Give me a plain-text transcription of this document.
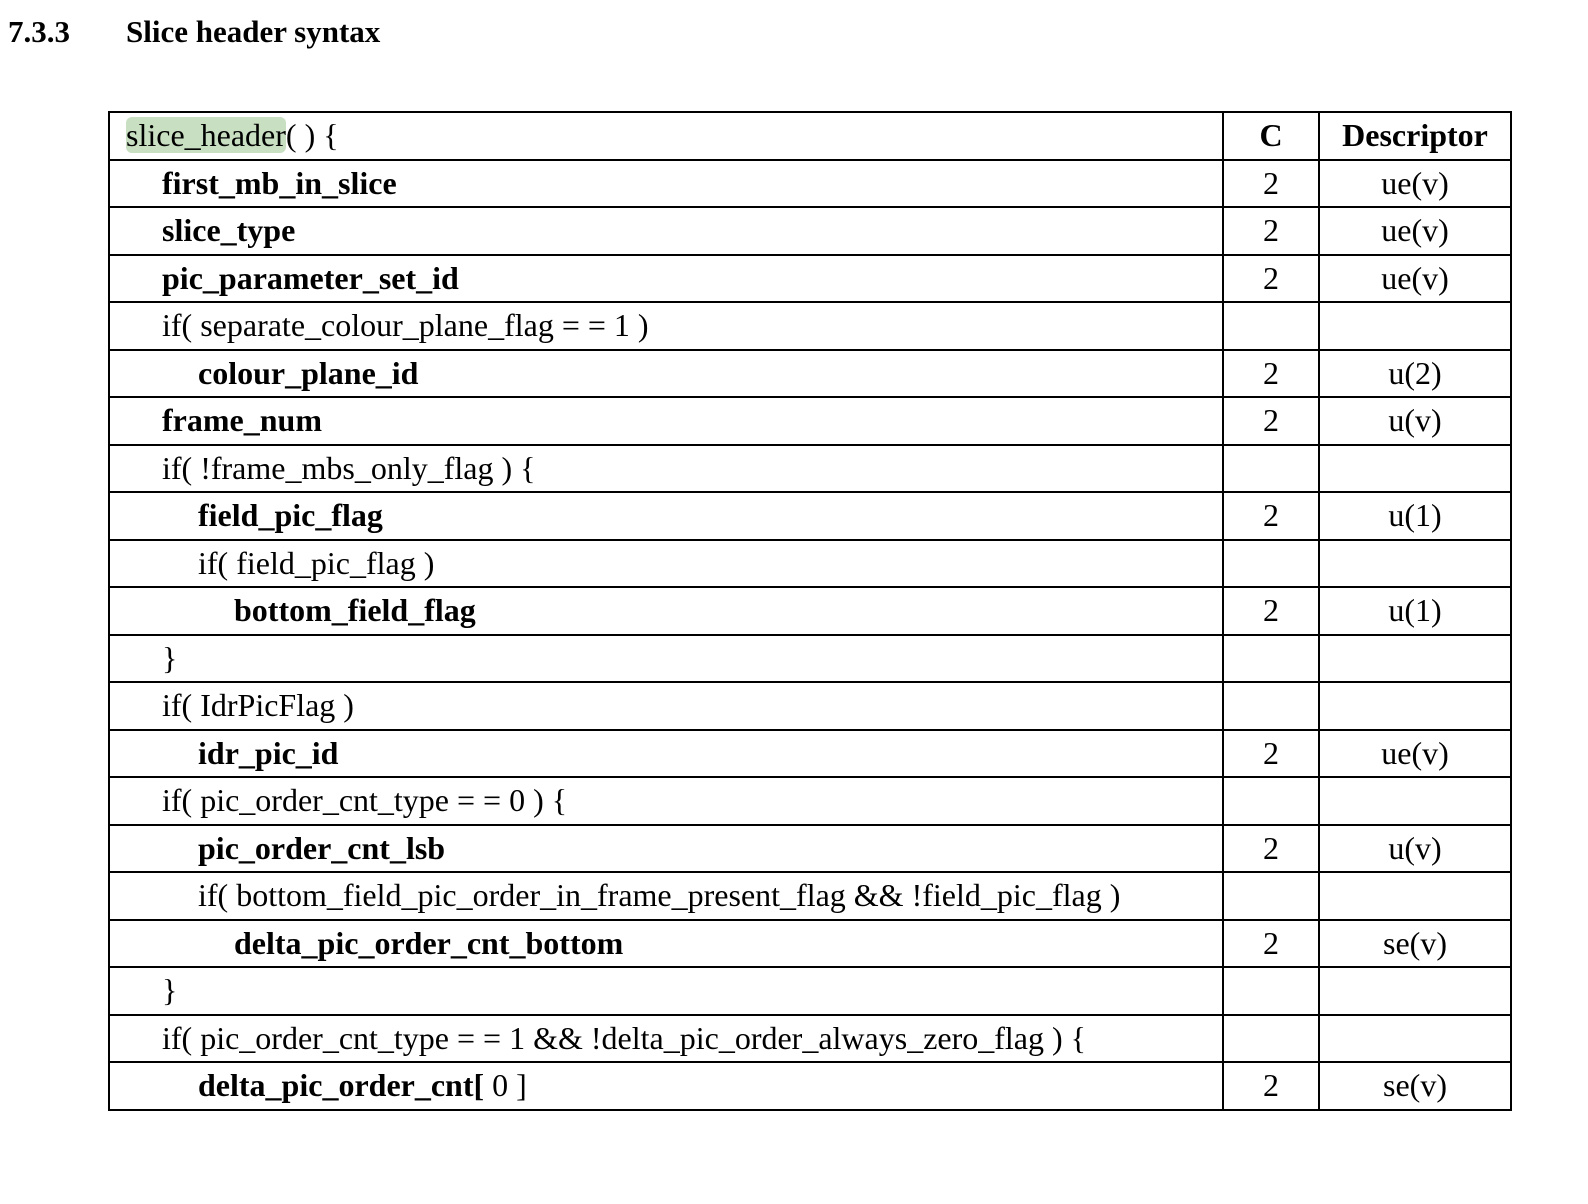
7.3.3 Slice header syntax
slice_header( ) {	C	Descriptor
first_mb_in_slice	2	ue(v)
slice_type	2	ue(v)
pic_parameter_set_id	2	ue(v)
if( separate_colour_plane_flag = = 1 )		
colour_plane_id	2	u(2)
frame_num	2	u(v)
if( !frame_mbs_only_flag ) {		
field_pic_flag	2	u(1)
if( field_pic_flag )		
bottom_field_flag	2	u(1)
}		
if( IdrPicFlag )		
idr_pic_id	2	ue(v)
if( pic_order_cnt_type = = 0 ) {		
pic_order_cnt_lsb	2	u(v)
if( bottom_field_pic_order_in_frame_present_flag && !field_pic_flag )		
delta_pic_order_cnt_bottom	2	se(v)
}		
if( pic_order_cnt_type = = 1 && !delta_pic_order_always_zero_flag ) {		
delta_pic_order_cnt[ 0 ]	2	se(v)
